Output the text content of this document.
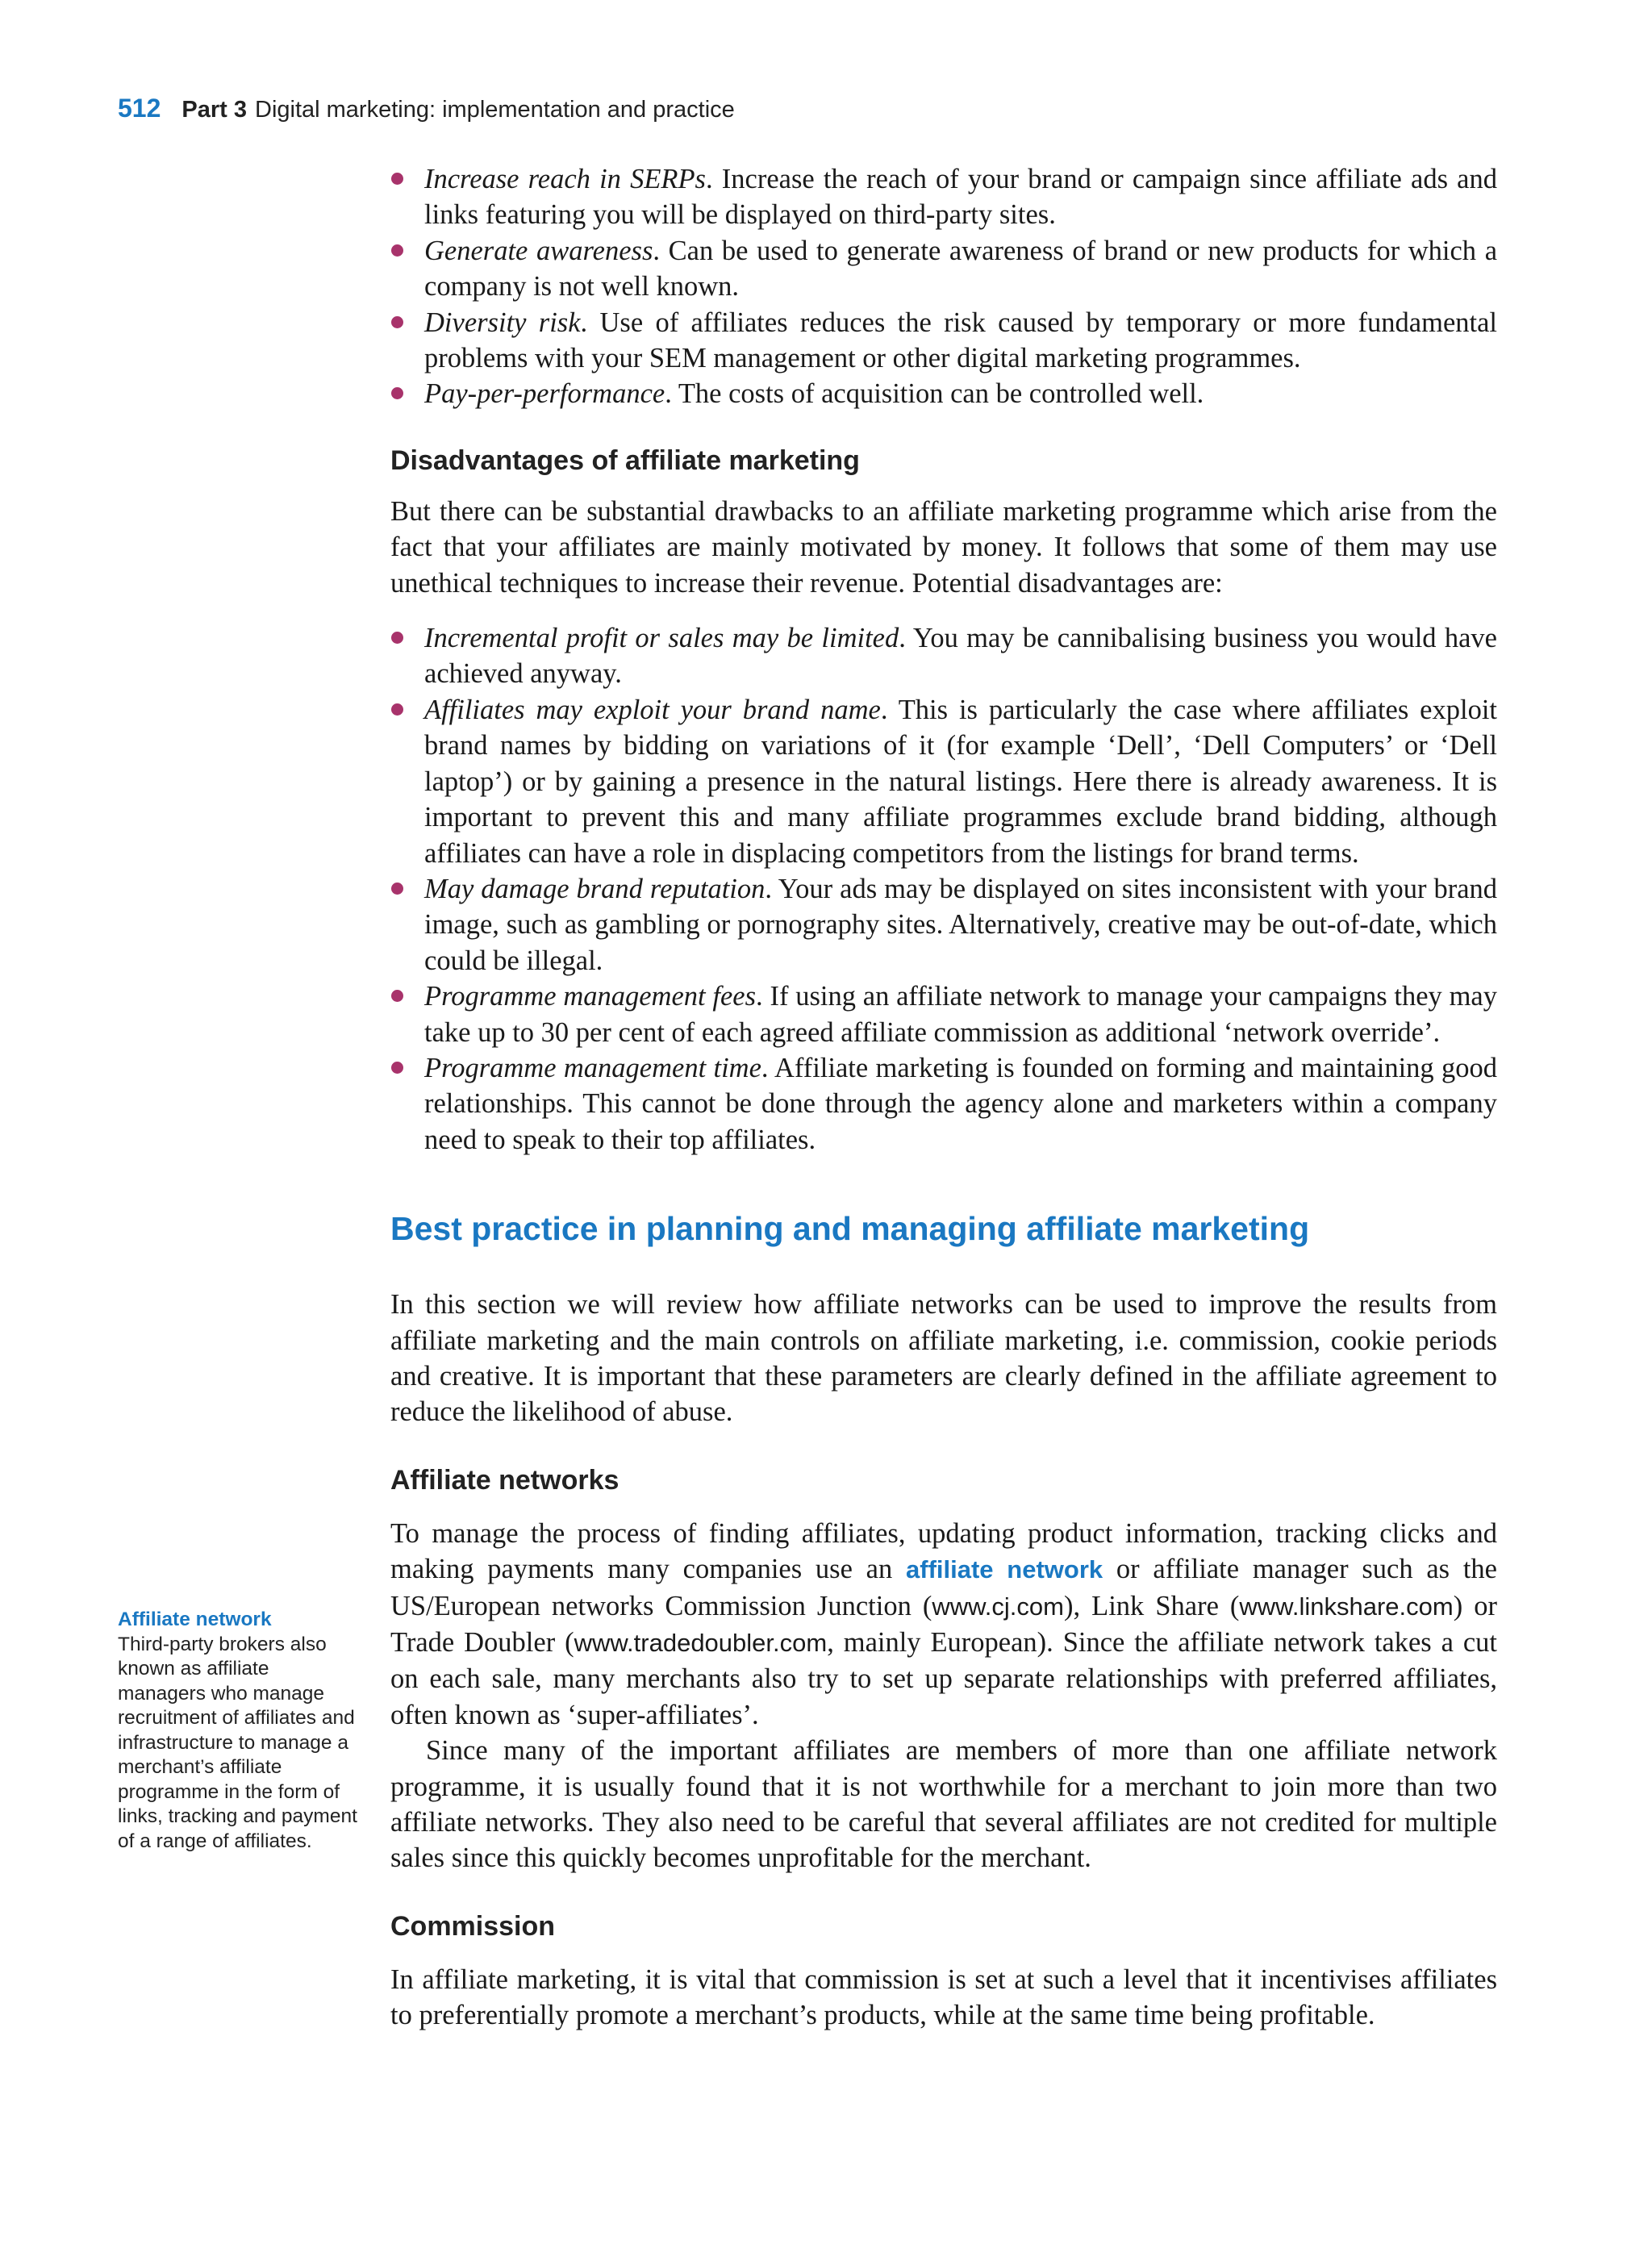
512 Part 3 Digital marketing: implementation and practice
Increase reach in SERPs. Increase the reach of your brand or campaign since affiliate ads and links featuring you will be displayed on third-party sites.
Generate awareness. Can be used to generate awareness of brand or new products for which a company is not well known.
Diversity risk. Use of affiliates reduces the risk caused by temporary or more fundamental problems with your SEM management or other digital marketing programmes.
Pay-per-performance. The costs of acquisition can be controlled well.
Disadvantages of affiliate marketing

But there can be substantial drawbacks to an affiliate marketing programme which arise from the fact that your affiliates are mainly motivated by money. It follows that some of them may use unethical techniques to increase their revenue. Potential disadvantages are:

Incremental profit or sales may be limited. You may be cannibalising business you would have achieved anyway.
Affiliates may exploit your brand name. This is particularly the case where affiliates exploit brand names by bidding on variations of it (for example ‘Dell’, ‘Dell Computers’ or ‘Dell laptop’) or by gaining a presence in the natural listings. Here there is already awareness. It is important to prevent this and many affiliate programmes exclude brand bidding, although affiliates can have a role in displacing competitors from the listings for brand terms.
May damage brand reputation. Your ads may be displayed on sites inconsistent with your brand image, such as gambling or pornography sites. Alternatively, creative may be out-of-date, which could be illegal.
Programme management fees. If using an affiliate network to manage your campaigns they may take up to 30 per cent of each agreed affiliate commission as additional ‘network override’.
Programme management time. Affiliate marketing is founded on forming and maintaining good relationships. This cannot be done through the agency alone and marketers within a company need to speak to their top affiliates.
Best practice in planning and managing affiliate marketing

In this section we will review how affiliate networks can be used to improve the results from affiliate marketing and the main controls on affiliate marketing, i.e. commission, cookie periods and creative. It is important that these parameters are clearly defined in the affiliate agreement to reduce the likelihood of abuse.

Affiliate networks

To manage the process of finding affiliates, updating product information, tracking clicks and making payments many companies use an affiliate network or affiliate manager such as the US/European networks Commission Junction (www.cj.com), Link Share (www.linkshare.com) or Trade Doubler (www.tradedoubler.com, mainly European). Since the affiliate network takes a cut on each sale, many merchants also try to set up separate relationships with preferred affiliates, often known as ‘super-affiliates’.

Since many of the important affiliates are members of more than one affiliate network programme, it is usually found that it is not worthwhile for a merchant to join more than two affiliate networks. They also need to be careful that several affiliates are not credited for multiple sales since this quickly becomes unprofitable for the merchant.

Commission

In affiliate marketing, it is vital that commission is set at such a level that it incentivises affiliates to preferentially promote a merchant’s products, while at the same time being profitable.

Affiliate network
Third-party brokers also known as affiliate managers who manage recruitment of affiliates and infrastructure to manage a merchant’s affiliate programme in the form of links, tracking and payment of a range of affiliates.
